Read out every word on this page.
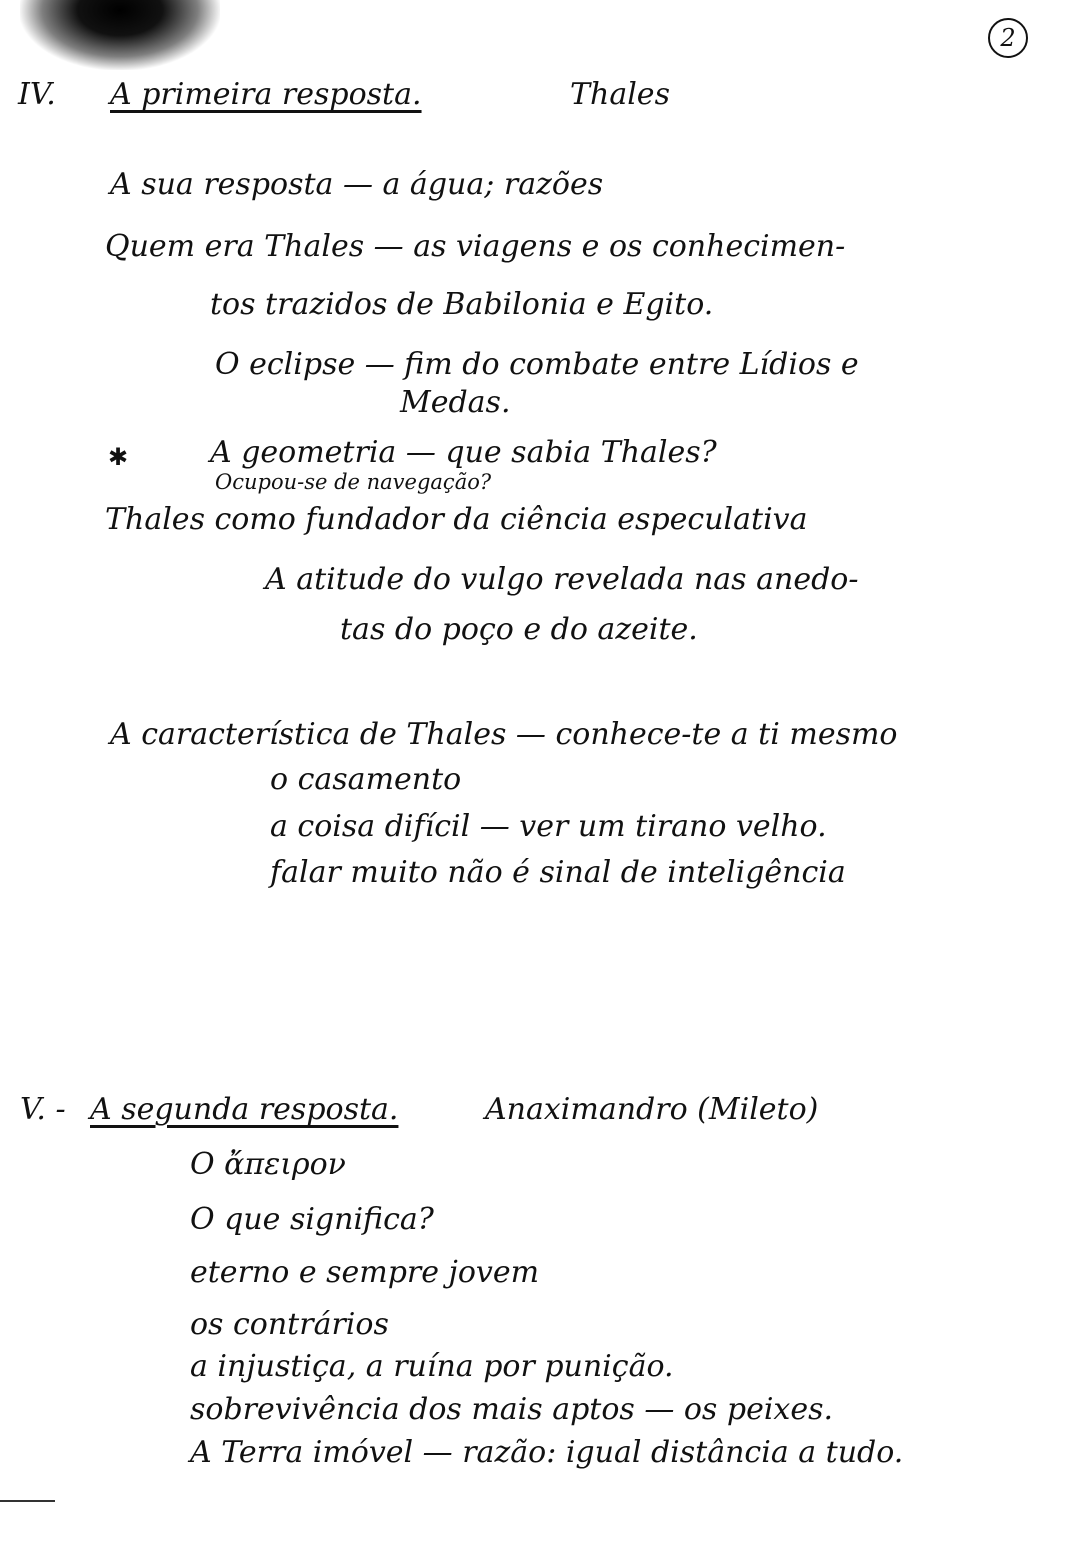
2
IV. A primeira resposta.	Thales
A sua resposta — a água; razões
Quem era Thales — as viagens e os conhecimen-
tos trazidos de Babilonia e Egito.
O eclipse — fim do combate entre Lídios e
Medas.
✱	A geometria — que sabia Thales?
Ocupou-se de navegação?
Thales como fundador da ciência especulativa
A atitude do vulgo revelada nas anedo-
tas do poço e do azeite.
A característica de Thales — conhece-te a ti mesmo
o casamento
a coisa difícil — ver um tirano velho.
falar muito não é sinal de inteligência
V. - A segunda resposta.	Anaximandro (Mileto)
O ἄπειρον
O que significa?
eterno e sempre jovem
os contrários
a injustiça, a ruína por punição.
sobrevivência dos mais aptos — os peixes.
A Terra imóvel — razão: igual distância a tudo.
